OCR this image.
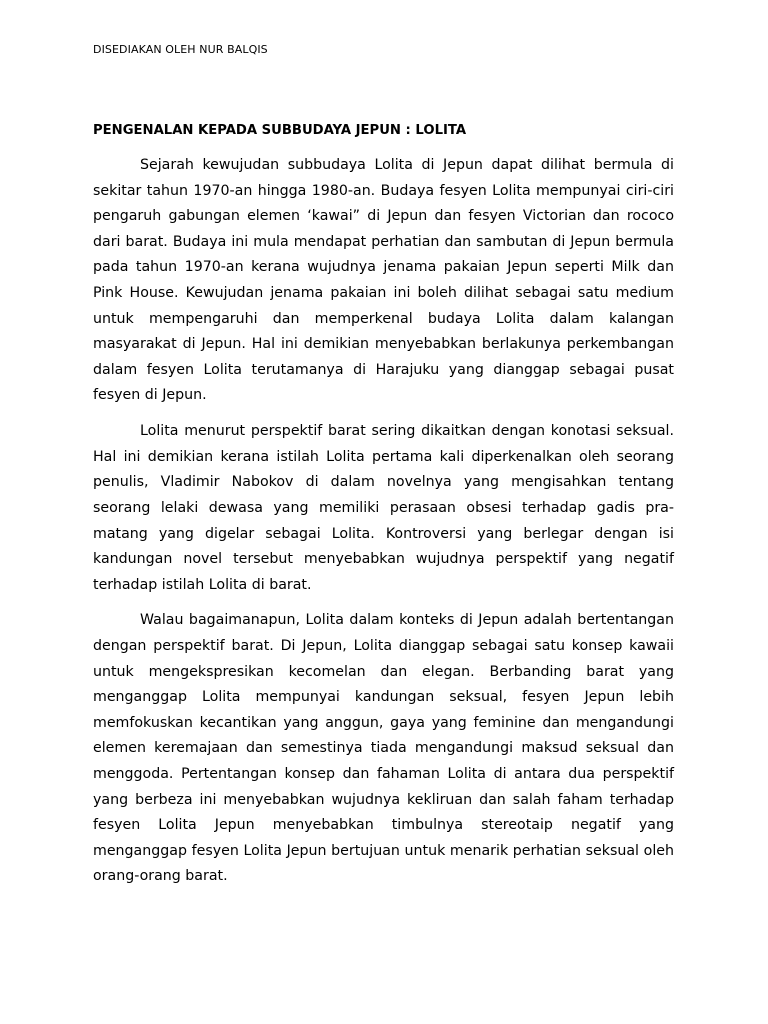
DISEDIAKAN OLEH NUR BALQIS
PENGENALAN KEPADA SUBBUDAYA JEPUN : LOLITA

Sejarah kewujudan subbudaya Lolita di Jepun dapat dilihat bermula di sekitar tahun 1970-an hingga 1980-an. Budaya fesyen Lolita mempunyai ciri-ciri pengaruh gabungan elemen ‘kawai” di Jepun dan fesyen Victorian dan rococo dari barat. Budaya ini mula mendapat perhatian dan sambutan di Jepun bermula pada tahun 1970-an kerana wujudnya jenama pakaian Jepun seperti Milk dan Pink House. Kewujudan jenama pakaian ini boleh dilihat sebagai satu medium untuk mempengaruhi dan memperkenal budaya Lolita dalam kalangan masyarakat di Jepun. Hal ini demikian menyebabkan berlakunya perkembangan dalam fesyen Lolita terutamanya di Harajuku yang dianggap sebagai pusat fesyen di Jepun.

Lolita menurut perspektif barat sering dikaitkan dengan konotasi seksual. Hal ini demikian kerana istilah Lolita pertama kali diperkenalkan oleh seorang penulis, Vladimir Nabokov di dalam novelnya yang mengisahkan tentang seorang lelaki dewasa yang memiliki perasaan obsesi terhadap gadis pra-matang yang digelar sebagai Lolita. Kontroversi yang berlegar dengan isi kandungan novel tersebut menyebabkan wujudnya perspektif yang negatif terhadap istilah Lolita di barat.

Walau bagaimanapun, Lolita dalam konteks di Jepun adalah bertentangan dengan perspektif barat. Di Jepun, Lolita dianggap sebagai satu konsep kawaii untuk mengekspresikan kecomelan dan elegan. Berbanding barat yang menganggap Lolita mempunyai kandungan seksual, fesyen Jepun lebih memfokuskan kecantikan yang anggun, gaya yang feminine dan mengandungi elemen keremajaan dan semestinya tiada mengandungi maksud seksual dan menggoda. Pertentangan konsep dan fahaman Lolita di antara dua perspektif yang berbeza ini menyebabkan wujudnya kekliruan dan salah faham terhadap fesyen Lolita Jepun menyebabkan timbulnya stereotaip negatif yang menganggap fesyen Lolita Jepun bertujuan untuk menarik perhatian seksual oleh orang-orang barat.
